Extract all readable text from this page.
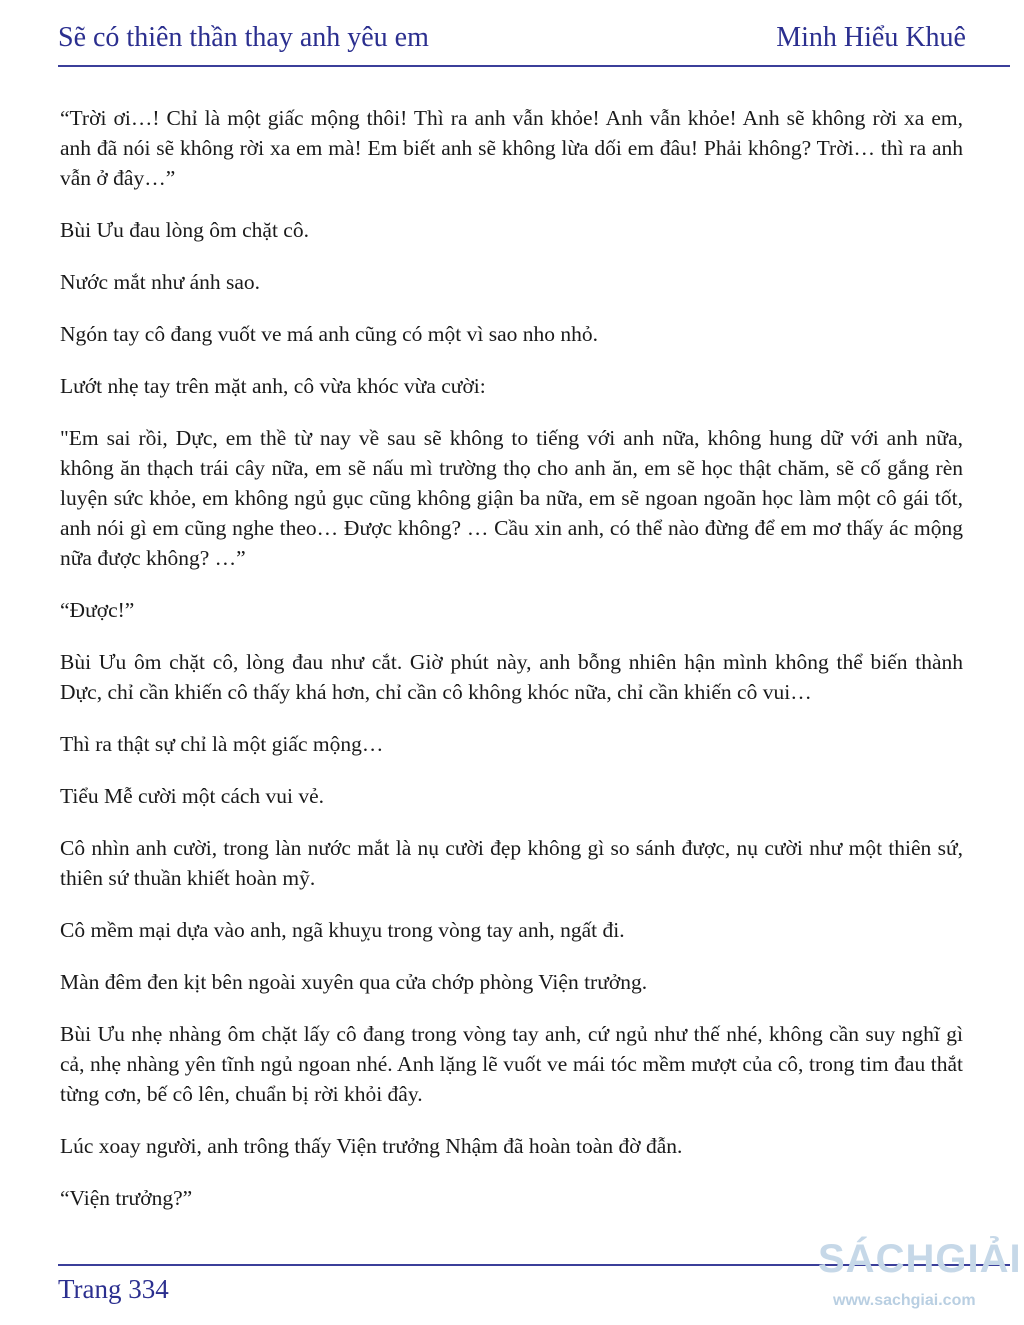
Sẽ có thiên thần thay anh yêu em	Minh Hiểu Khuê

“Trời ơi…! Chỉ là một giấc mộng thôi! Thì ra anh vẫn khỏe! Anh vẫn khỏe! Anh sẽ không rời xa em, anh đã nói sẽ không rời xa em mà! Em biết anh sẽ không lừa dối em đâu! Phải không? Trời… thì ra anh vẫn ở đây…”

Bùi Ưu đau lòng ôm chặt cô.

Nước mắt như ánh sao.

Ngón tay cô đang vuốt ve má anh cũng có một vì sao nho nhỏ.

Lướt nhẹ tay trên mặt anh, cô vừa khóc vừa cười:

"Em sai rồi, Dực, em thề từ nay về sau sẽ không to tiếng với anh nữa, không hung dữ với anh nữa, không ăn thạch trái cây nữa, em sẽ nấu mì trường thọ cho anh ăn, em sẽ học thật chăm, sẽ cố gắng rèn luyện sức khỏe, em không ngủ gục cũng không giận ba nữa, em sẽ ngoan ngoãn học làm một cô gái tốt, anh nói gì em cũng nghe theo… Được không? … Cầu xin anh, có thể nào đừng để em mơ thấy ác mộng nữa được không? …”

“Được!”

Bùi Ưu ôm chặt cô, lòng đau như cắt. Giờ phút này, anh bỗng nhiên hận mình không thể biến thành Dực, chỉ cần khiến cô thấy khá hơn, chỉ cần cô không khóc nữa, chỉ cần khiến cô vui…

Thì ra thật sự chỉ là một giấc mộng…

Tiểu Mễ cười một cách vui vẻ.

Cô nhìn anh cười, trong làn nước mắt là nụ cười đẹp không gì so sánh được, nụ cười như một thiên sứ, thiên sứ thuần khiết hoàn mỹ.

Cô mềm mại dựa vào anh, ngã khuỵu trong vòng tay anh, ngất đi.

Màn đêm đen kịt bên ngoài xuyên qua cửa chớp phòng Viện trưởng.

Bùi Ưu nhẹ nhàng ôm chặt lấy cô đang trong vòng tay anh, cứ ngủ như thế nhé, không cần suy nghĩ gì cả, nhẹ nhàng yên tĩnh ngủ ngoan nhé. Anh lặng lẽ vuốt ve mái tóc mềm mượt của cô, trong tim đau thắt từng cơn, bế cô lên, chuẩn bị rời khỏi đây.

Lúc xoay người, anh trông thấy Viện trưởng Nhậm đã hoàn toàn đờ đẫn.

“Viện trưởng?”

Trang 334
SÁCHGIẢI
www.sachgiai.com
